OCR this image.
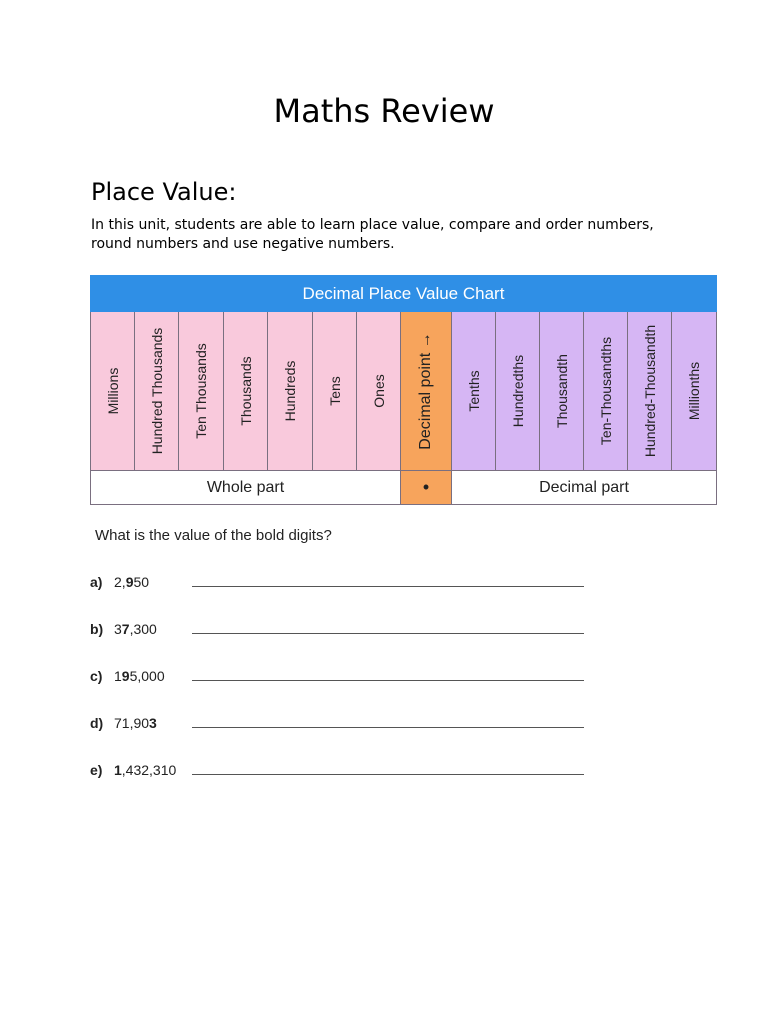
Maths Review
Place Value:
In this unit, students are able to learn place value, compare and order numbers, round numbers and use negative numbers.
Decimal Place Value Chart
Millions Hundred Thousands Ten Thousands Thousands Hundreds Tens Ones Decimal point → Tenths Hundredths Thousandth Ten-Thousandths Hundred-Thousandth Millionths
Whole part	•	Decimal part
What is the value of the bold digits?
a) 2,950
b) 37,300
c) 195,000
d) 71,903
e) 1,432,310
